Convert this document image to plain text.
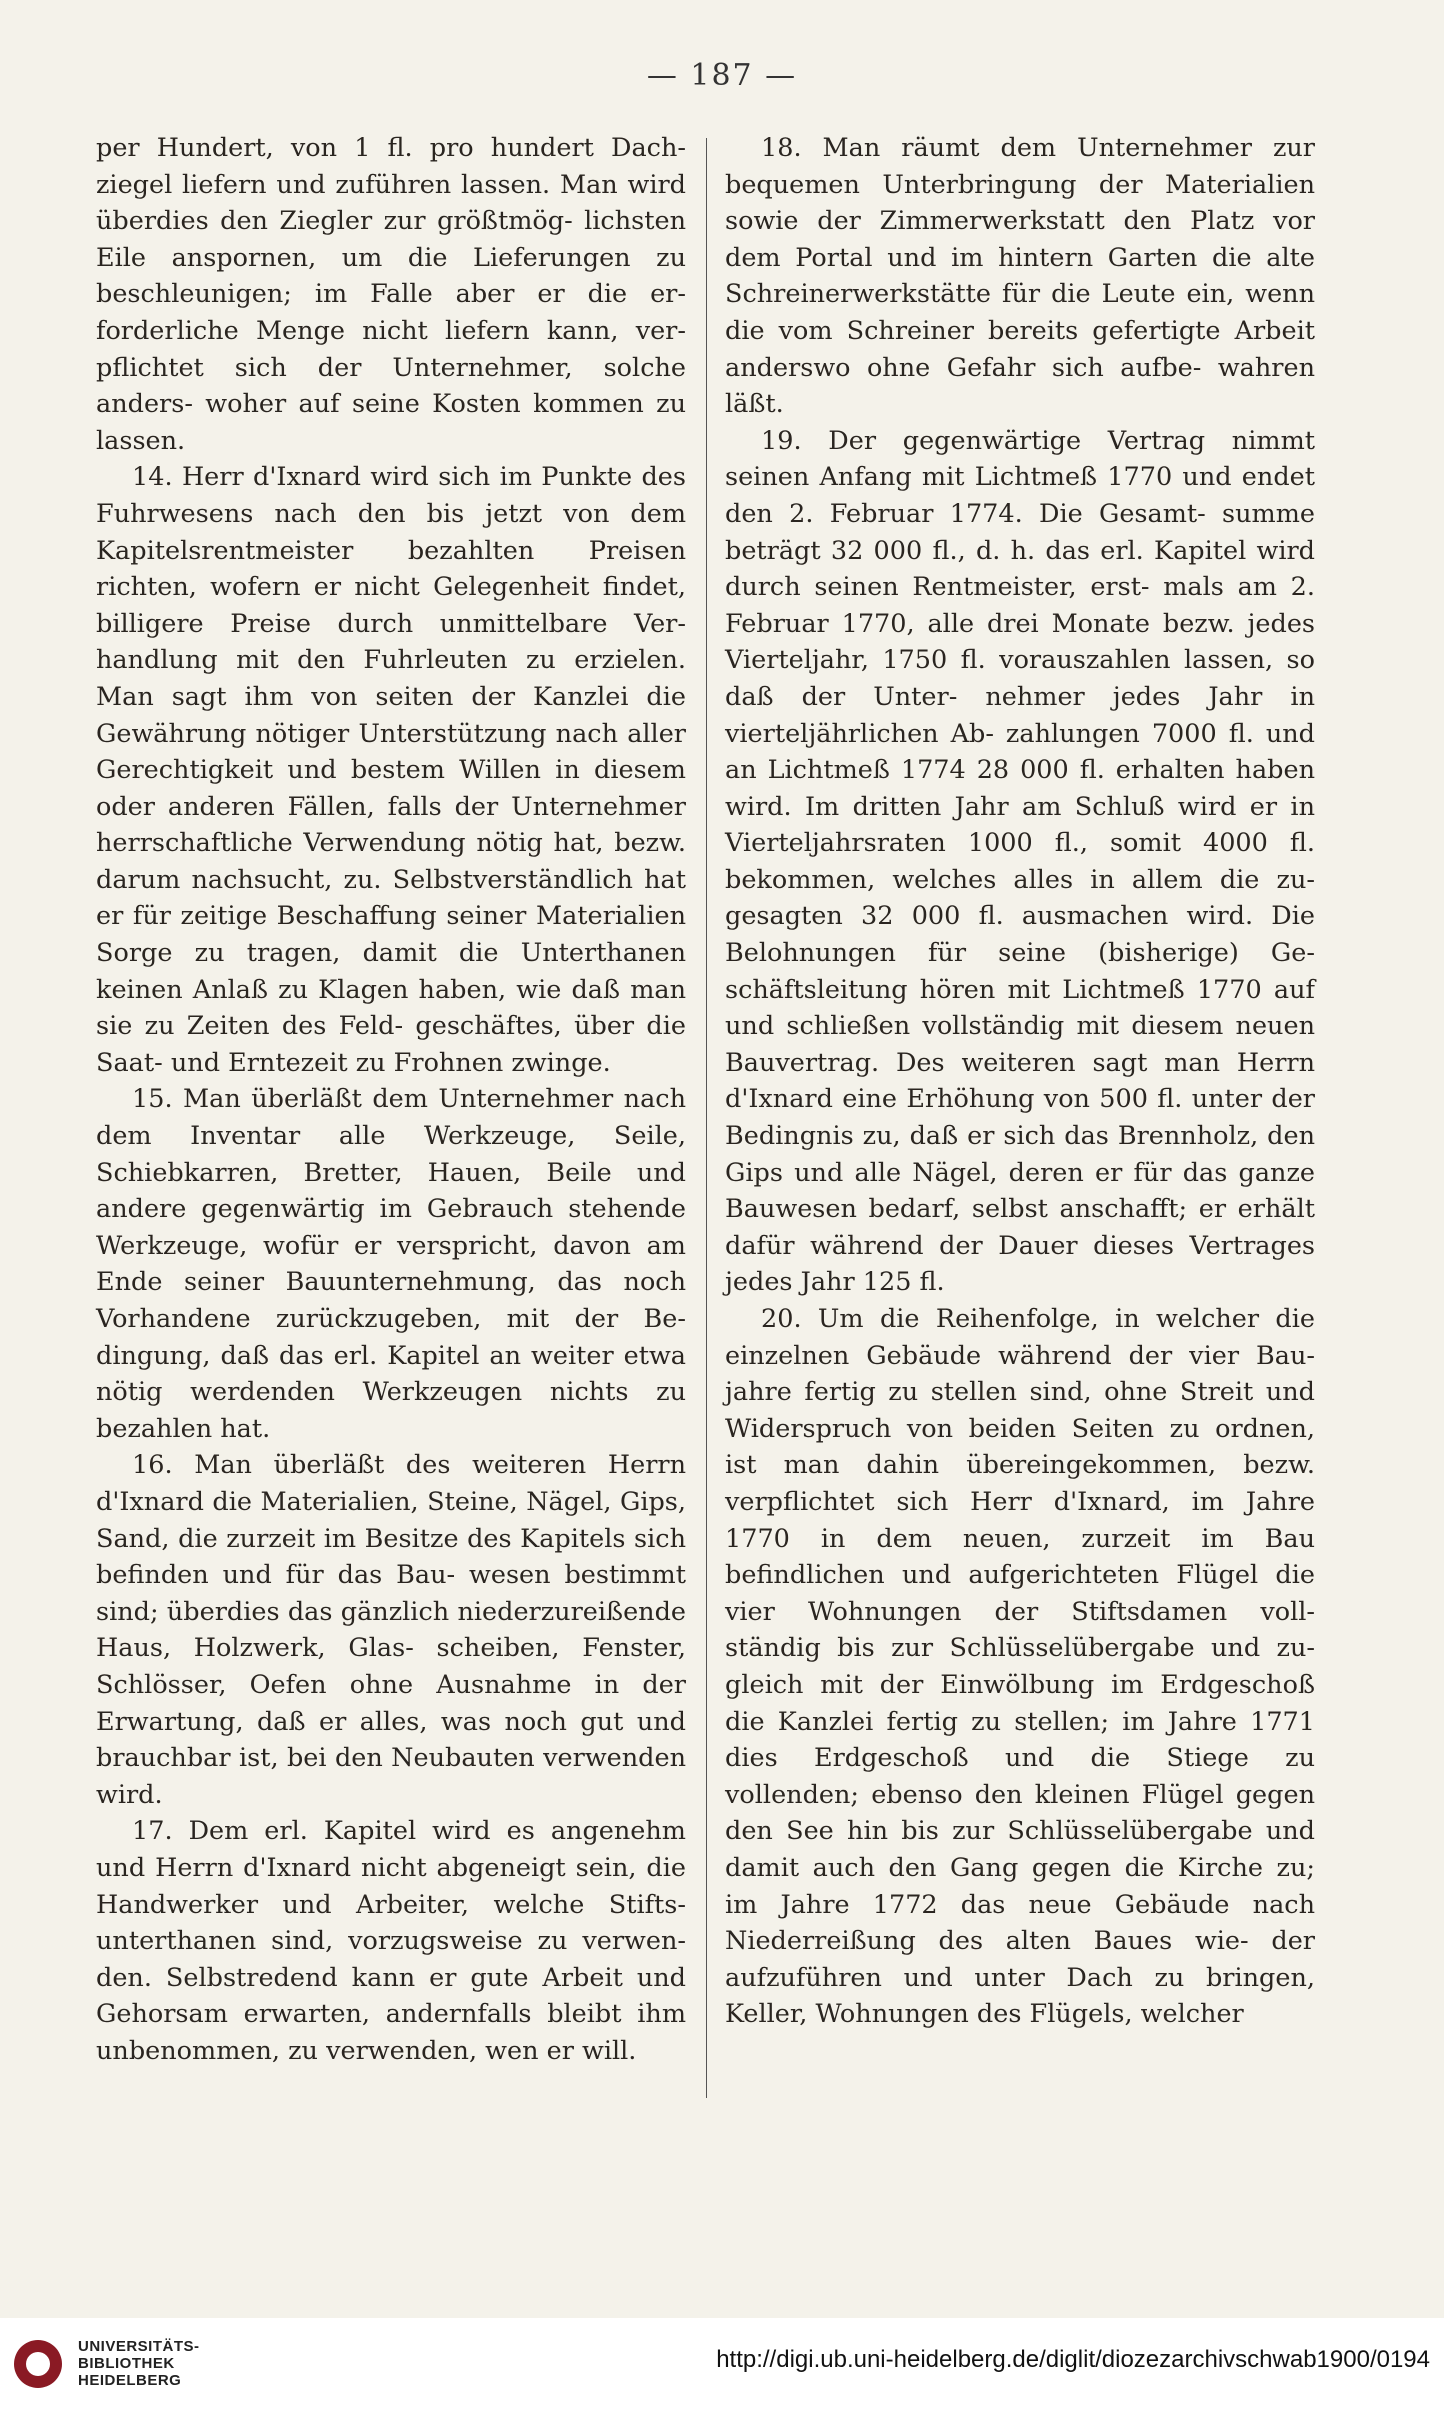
— 187 —

per Hundert, von 1 fl. pro hundert Dach- ziegel liefern und zuführen lassen. Man wird überdies den Ziegler zur größtmög- lichsten Eile anspornen, um die Lieferungen zu beschleunigen; im Falle aber er die er- forderliche Menge nicht liefern kann, ver- pflichtet sich der Unternehmer, solche anders- woher auf seine Kosten kommen zu lassen.

14. Herr d'Ixnard wird sich im Punkte des Fuhrwesens nach den bis jetzt von dem Kapitelsrentmeister bezahlten Preisen richten, wofern er nicht Gelegenheit findet, billigere Preise durch unmittelbare Ver- handlung mit den Fuhrleuten zu erzielen. Man sagt ihm von seiten der Kanzlei die Gewährung nötiger Unterstützung nach aller Gerechtigkeit und bestem Willen in diesem oder anderen Fällen, falls der Unternehmer herrschaftliche Verwendung nötig hat, bezw. darum nachsucht, zu. Selbstverständlich hat er für zeitige Beschaffung seiner Materialien Sorge zu tragen, damit die Unterthanen keinen Anlaß zu Klagen haben, wie daß man sie zu Zeiten des Feld- geschäftes, über die Saat- und Erntezeit zu Frohnen zwinge.

15. Man überläßt dem Unternehmer nach dem Inventar alle Werkzeuge, Seile, Schiebkarren, Bretter, Hauen, Beile und andere gegenwärtig im Gebrauch stehende Werkzeuge, wofür er verspricht, davon am Ende seiner Bauunternehmung, das noch Vorhandene zurückzugeben, mit der Be- dingung, daß das erl. Kapitel an weiter etwa nötig werdenden Werkzeugen nichts zu bezahlen hat.

16. Man überläßt des weiteren Herrn d'Ixnard die Materialien, Steine, Nägel, Gips, Sand, die zurzeit im Besitze des Kapitels sich befinden und für das Bau- wesen bestimmt sind; überdies das gänzlich niederzureißende Haus, Holzwerk, Glas- scheiben, Fenster, Schlösser, Oefen ohne Ausnahme in der Erwartung, daß er alles, was noch gut und brauchbar ist, bei den Neubauten verwenden wird.

17. Dem erl. Kapitel wird es angenehm und Herrn d'Ixnard nicht abgeneigt sein, die Handwerker und Arbeiter, welche Stifts- unterthanen sind, vorzugsweise zu verwen- den. Selbstredend kann er gute Arbeit und Gehorsam erwarten, andernfalls bleibt ihm unbenommen, zu verwenden, wen er will.

18. Man räumt dem Unternehmer zur bequemen Unterbringung der Materialien sowie der Zimmerwerkstatt den Platz vor dem Portal und im hintern Garten die alte Schreinerwerkstätte für die Leute ein, wenn die vom Schreiner bereits gefertigte Arbeit anderswo ohne Gefahr sich aufbe- wahren läßt.

19. Der gegenwärtige Vertrag nimmt seinen Anfang mit Lichtmeß 1770 und endet den 2. Februar 1774. Die Gesamt- summe beträgt 32 000 fl., d. h. das erl. Kapitel wird durch seinen Rentmeister, erst- mals am 2. Februar 1770, alle drei Monate bezw. jedes Vierteljahr, 1750 fl. vorauszahlen lassen, so daß der Unter- nehmer jedes Jahr in vierteljährlichen Ab- zahlungen 7000 fl. und an Lichtmeß 1774 28 000 fl. erhalten haben wird. Im dritten Jahr am Schluß wird er in Vierteljahrsraten 1000 fl., somit 4000 fl. bekommen, welches alles in allem die zu- gesagten 32 000 fl. ausmachen wird. Die Belohnungen für seine (bisherige) Ge- schäftsleitung hören mit Lichtmeß 1770 auf und schließen vollständig mit diesem neuen Bauvertrag. Des weiteren sagt man Herrn d'Ixnard eine Erhöhung von 500 fl. unter der Bedingnis zu, daß er sich das Brennholz, den Gips und alle Nägel, deren er für das ganze Bauwesen bedarf, selbst anschafft; er erhält dafür während der Dauer dieses Vertrages jedes Jahr 125 fl.

20. Um die Reihenfolge, in welcher die einzelnen Gebäude während der vier Bau- jahre fertig zu stellen sind, ohne Streit und Widerspruch von beiden Seiten zu ordnen, ist man dahin übereingekommen, bezw. verpflichtet sich Herr d'Ixnard, im Jahre 1770 in dem neuen, zurzeit im Bau befindlichen und aufgerichteten Flügel die vier Wohnungen der Stiftsdamen voll- ständig bis zur Schlüsselübergabe und zu- gleich mit der Einwölbung im Erdgeschoß die Kanzlei fertig zu stellen; im Jahre 1771 dies Erdgeschoß und die Stiege zu vollenden; ebenso den kleinen Flügel gegen den See hin bis zur Schlüsselübergabe und damit auch den Gang gegen die Kirche zu; im Jahre 1772 das neue Gebäude nach Niederreißung des alten Baues wie- der aufzuführen und unter Dach zu bringen, Keller, Wohnungen des Flügels, welcher

UNIVERSITÄTS-
BIBLIOTHEK
HEIDELBERG
http://digi.ub.uni-heidelberg.de/diglit/diozezarchivschwab1900/0194
